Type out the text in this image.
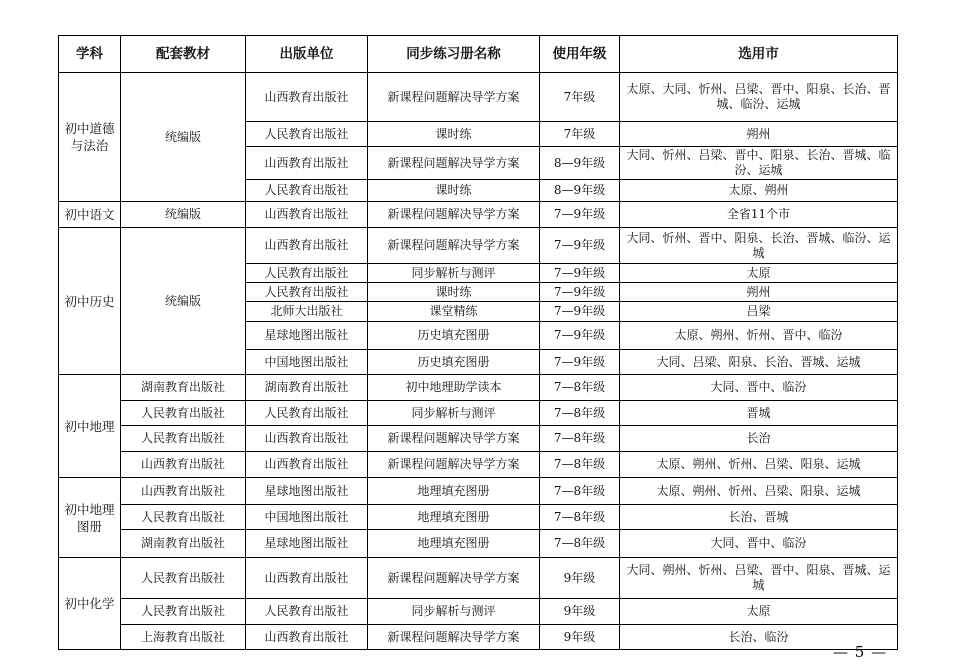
学科	配套教材	出版单位	同步练习册名称	使用年级	选用市
初中道德与法治	统编版	山西教育出版社	新课程问题解决导学方案	7年级	太原、大同、忻州、吕梁、晋中、阳泉、长治、晋城、临汾、运城
		人民教育出版社	课时练	7年级	朔州
		山西教育出版社	新课程问题解决导学方案	8—9年级	大同、忻州、吕梁、晋中、阳泉、长治、晋城、临汾、运城
		人民教育出版社	课时练	8—9年级	太原、朔州
初中语文	统编版	山西教育出版社	新课程问题解决导学方案	7—9年级	全省11个市
初中历史	统编版	山西教育出版社	新课程问题解决导学方案	7—9年级	大同、忻州、晋中、阳泉、长治、晋城、临汾、运城
		人民教育出版社	同步解析与测评	7—9年级	太原
		人民教育出版社	课时练	7—9年级	朔州
		北师大出版社	课堂精练	7—9年级	吕梁
		星球地图出版社	历史填充图册	7—9年级	太原、朔州、忻州、晋中、临汾
		中国地图出版社	历史填充图册	7—9年级	大同、吕梁、阳泉、长治、晋城、运城
初中地理	湖南教育出版社	湖南教育出版社	初中地理助学读本	7—8年级	大同、晋中、临汾
	人民教育出版社	人民教育出版社	同步解析与测评	7—8年级	晋城
	人民教育出版社	山西教育出版社	新课程问题解决导学方案	7—8年级	长治
	山西教育出版社	山西教育出版社	新课程问题解决导学方案	7—8年级	太原、朔州、忻州、吕梁、阳泉、运城
初中地理图册	山西教育出版社	星球地图出版社	地理填充图册	7—8年级	太原、朔州、忻州、吕梁、阳泉、运城
	人民教育出版社	中国地图出版社	地理填充图册	7—8年级	长治、晋城
	湖南教育出版社	星球地图出版社	地理填充图册	7—8年级	大同、晋中、临汾
初中化学	人民教育出版社	山西教育出版社	新课程问题解决导学方案	9年级	大同、朔州、忻州、吕梁、晋中、阳泉、晋城、运城
	人民教育出版社	人民教育出版社	同步解析与测评	9年级	太原
	上海教育出版社	山西教育出版社	新课程问题解决导学方案	9年级	长治、临汾
— 5 —
